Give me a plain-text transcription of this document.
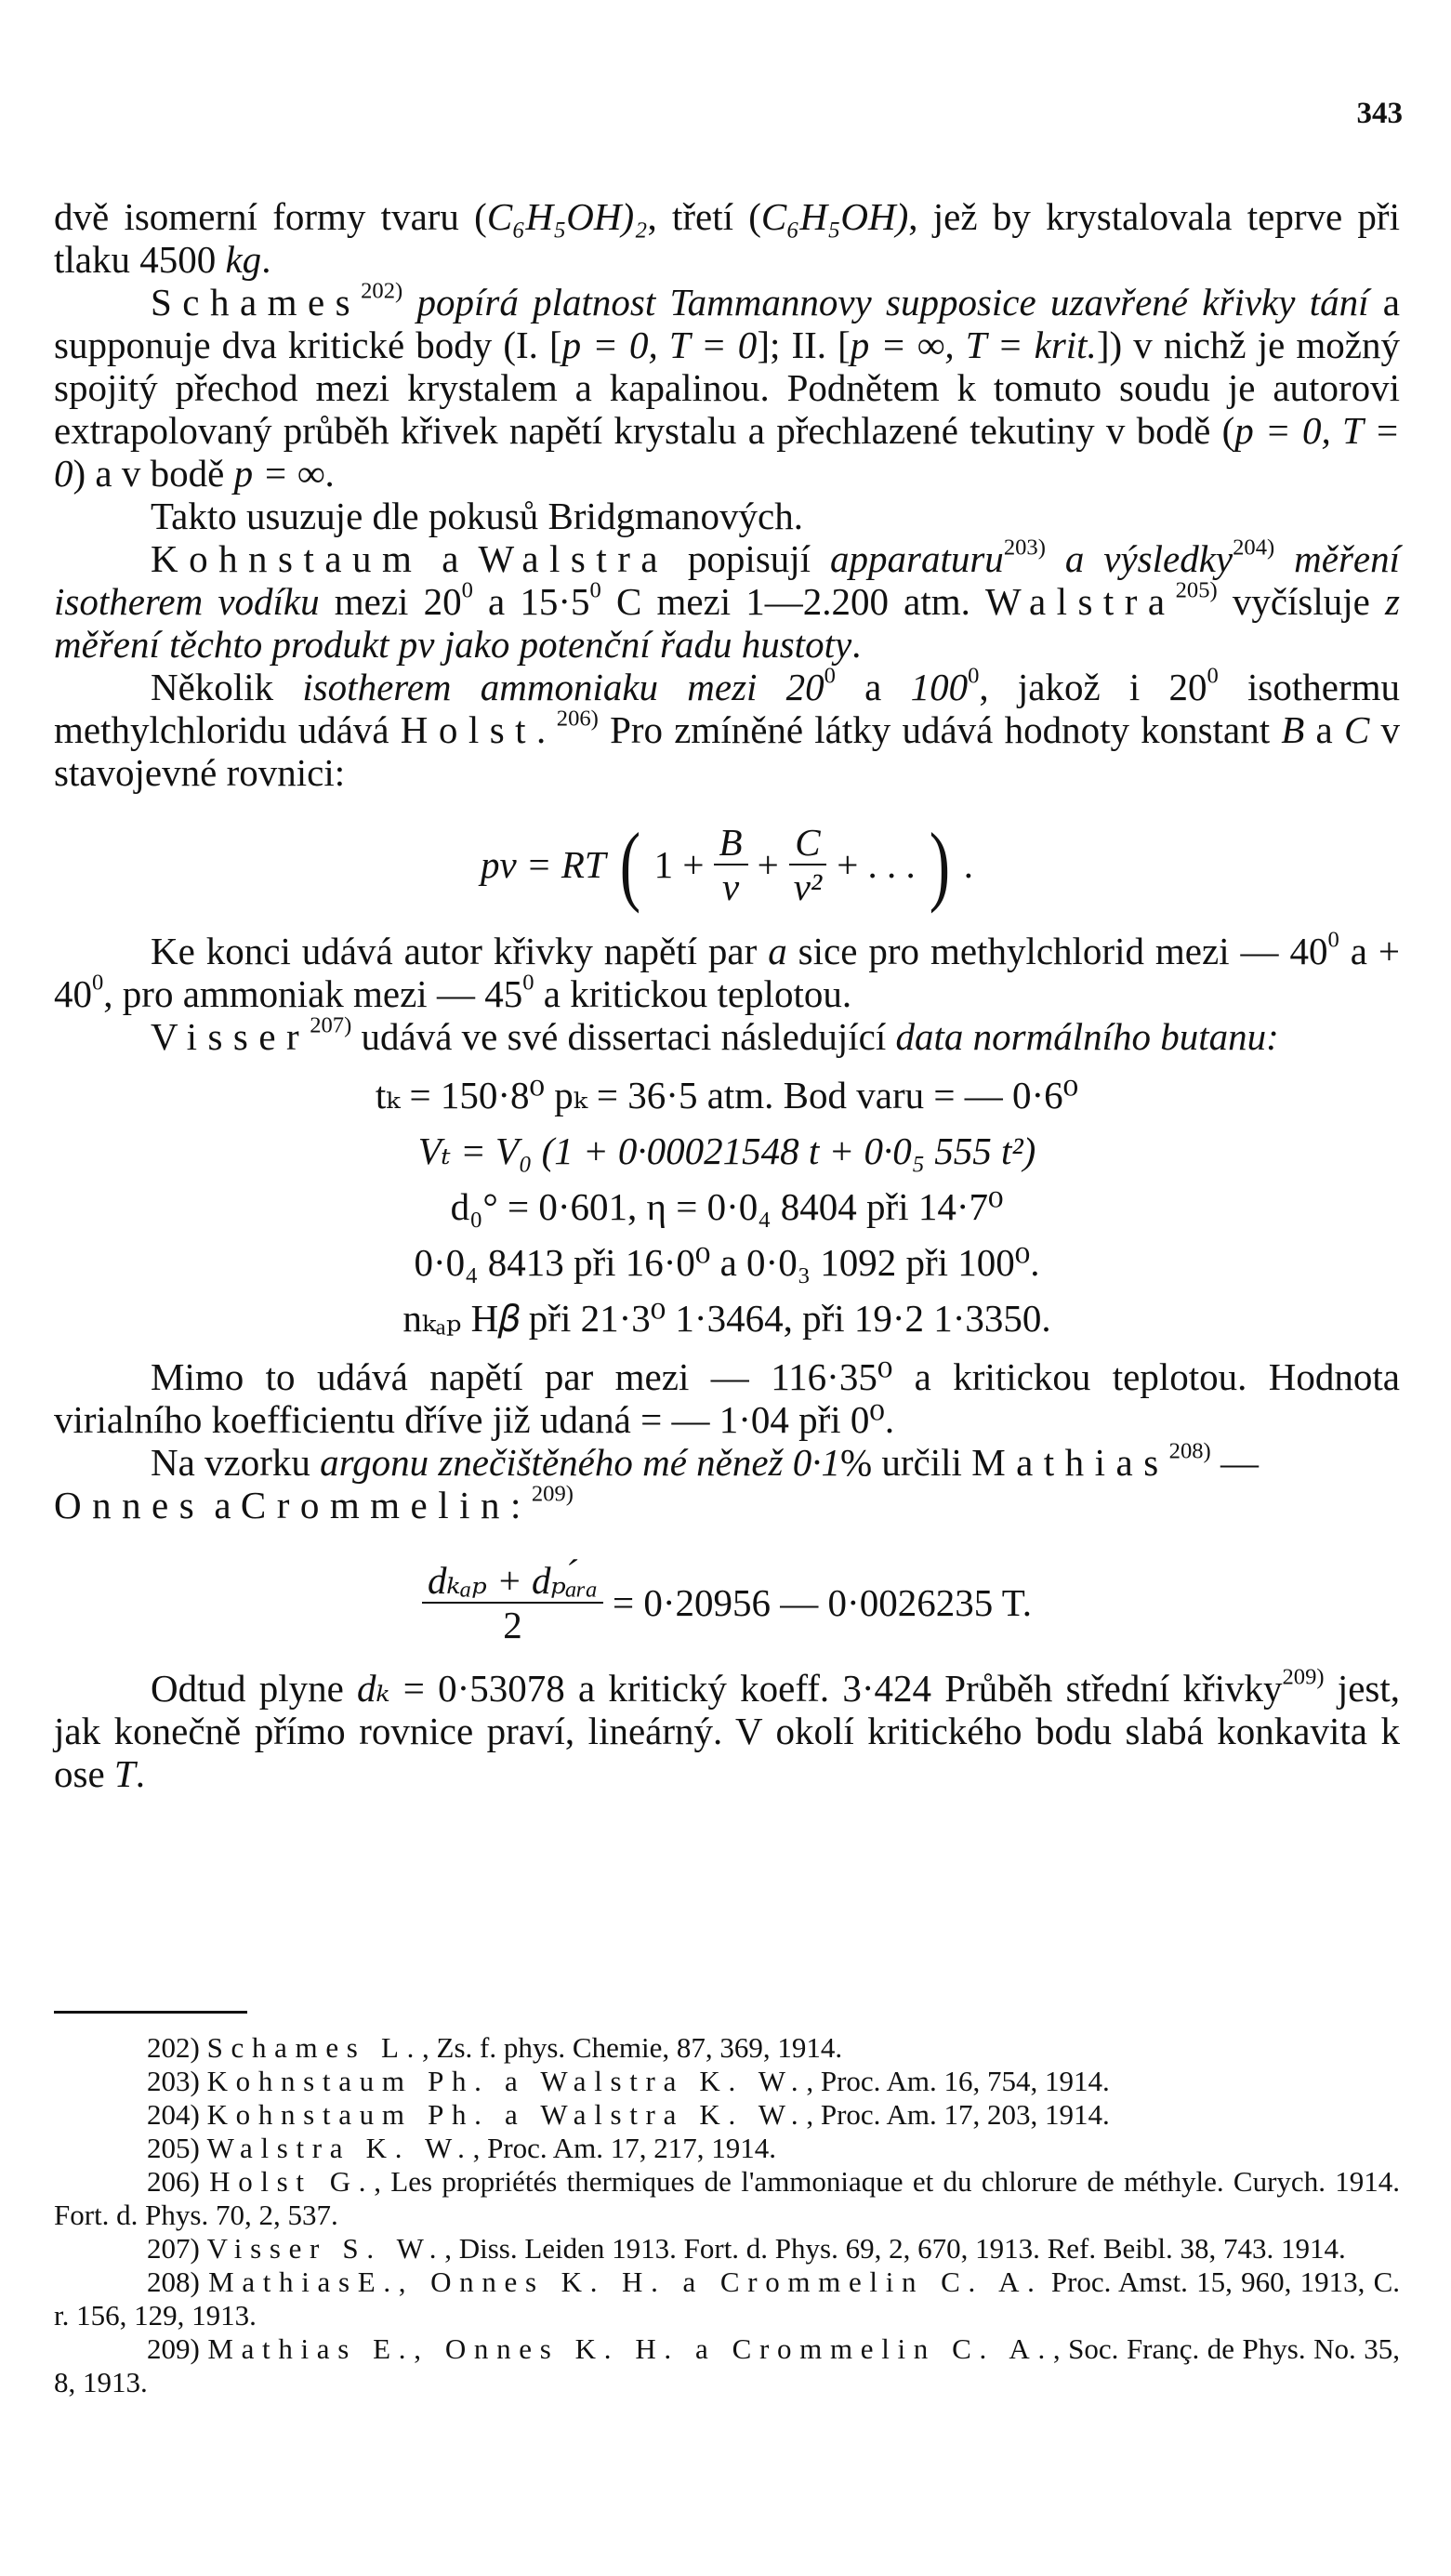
343

dvě isomerní formy tvaru (C₆H₅OH)₂, třetí (C₆H₅OH), jež by krystalovala teprve při tlaku 4500 kg.

Schames$^{202)}$ popírá platnost Tammannovy supposice uzavřené křivky tání a supponuje dva kritické body (I. [p = 0, T = 0]; II. [p = ∞, T = krit.]) v nichž je možný spojitý přechod mezi krystalem a kapalinou. Podnětem k tomuto soudu je autorovi extrapolovaný průběh křivek napětí krystalu a přechlazené tekutiny v bodě (p = 0, T = 0) a v bodě p = ∞.

Takto usuzuje dle pokusů Bridgmanových.

Kohnstaum a Walstra popisují apparaturu$^{203)}$ a výsledky$^{204)}$ měření isotherem vodíku mezi $20^0$ a $15\cdot 5^0$ C mezi 1—2.200 atm. Walstra$^{205)}$ vyčísluje z měření těchto produkt pv jako potenční řadu hustoty.

Několik isotherem ammoniaku mezi $20^0$ a $100^0$, jakož i $20^0$ isothermu methylchloridu udává Holst.$^{206)}$ Pro zmíněné látky udává hodnoty konstant B a C v stavojevné rovnici:

pv = RT ( $1 + \frac{B}{v} + \frac{C}{\text{v²}}$ + . . . ) .

Ke konci udává autor křivky napětí par a sice pro methylchlorid mezi — $40^0$ $a + 40^0$, pro ammoniak mezi — $45^0$ a kritickou teplotou.

Visser$^{207)}$ udává ve své dissertaci následující data normálního butanu:

tₖ = 150·8⁰ pₖ = 36·5 atm. Bod varu = — 0·6⁰
Vₜ = V₀ (1 + 0·00021548 t + 0·0₅ 555 t²)
d₀° = 0·601, η = 0·0₄ 8404 při 14·7⁰
0·0₄ 8413 při 16·0⁰ a 0·0₃ 1092 při 100⁰.
nₖₐₚ H𝛽 při 21·3⁰ 1·3464, při 19·2 1·3350.

Mimo to udává napětí par mezi — 116·35⁰ a kritickou teplotou. Hodnota virialního koefficientu dříve již udaná = — 1·04 při 0⁰.

Na vzorku argonu znečištěného mé něnež 0·1% určili Mathias$^{208)}$ —
Onnes a Crommelin:$^{209)}$

$\frac{\text{dₖₐₚ + dₚₐ́ᵣₐ}}{2} = 0\cdot 20956$ — 0·0026235 T.

Odtud plyne dₖ = 0·53078 a kritický koeff. 3·424 Průběh střední křivky$^{209)}$ jest, jak konečně přímo rovnice praví, lineárný. V okolí kritického bodu slabá konkavita k ose T.

202) Schames L., Zs. f. phys. Chemie, 87, 369, 1914.

203) Kohnstaum Ph. a Walstra K. W., Proc. Am. 16, 754, 1914.

204) Kohnstaum Ph. a Walstra K. W., Proc. Am. 17, 203, 1914.

205) Walstra K. W., Proc. Am. 17, 217, 1914.

206) Holst G., Les propriétés thermiques de l'ammoniaque et du chlorure de méthyle. Curych. 1914. Fort. d. Phys. 70, 2, 537.

207) Visser S. W., Diss. Leiden 1913. Fort. d. Phys. 69, 2, 670, 1913. Ref. Beibl. 38, 743. 1914.

208) MathiasE., Onnes K. H. a Crommelin C. A. Proc. Amst. 15, 960, 1913, C. r. 156, 129, 1913.

209) Mathias E., Onnes K. H. a Crommelin C. A., Soc. Franç. de Phys. No. 35, 8, 1913.
